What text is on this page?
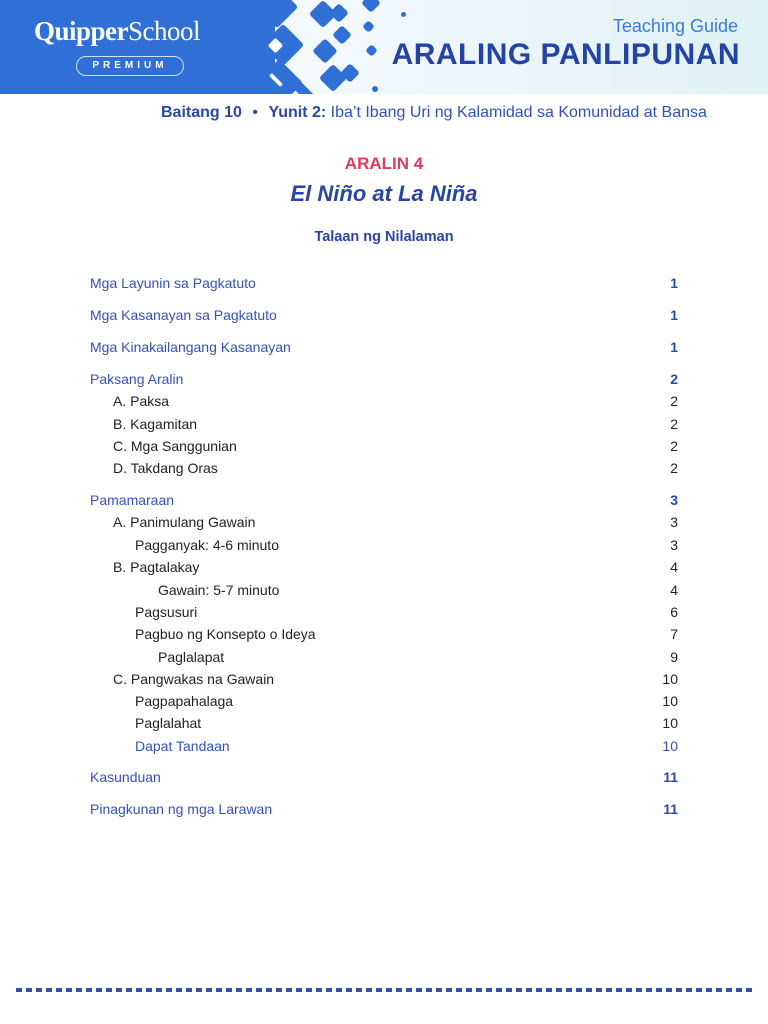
QuipperSchool
PREMIUM
Teaching Guide
ARALING PANLIPUNAN
Baitang 10 • Yunit 2: Iba’t Ibang Uri ng Kalamidad sa Komunidad at Bansa
ARALIN 4
El Niño at La Niña
Talaan ng Nilalaman
Mga Layunin sa Pagkatuto	1
Mga Kasanayan sa Pagkatuto	1
Mga Kinakailangang Kasanayan	1
Paksang Aralin	2
A. Paksa	2
B. Kagamitan	2
C. Mga Sanggunian	2
D. Takdang Oras	2
Pamamaraan	3
A. Panimulang Gawain	3
Pagganyak: 4-6 minuto	3
B. Pagtalakay	4
Gawain: 5-7 minuto	4
Pagsusuri	6
Pagbuo ng Konsepto o Ideya	7
Paglalapat	9
C. Pangwakas na Gawain	10
Pagpapahalaga	10
Paglalahat	10
Dapat Tandaan	10
Kasunduan	11
Pinagkunan ng mga Larawan	11
